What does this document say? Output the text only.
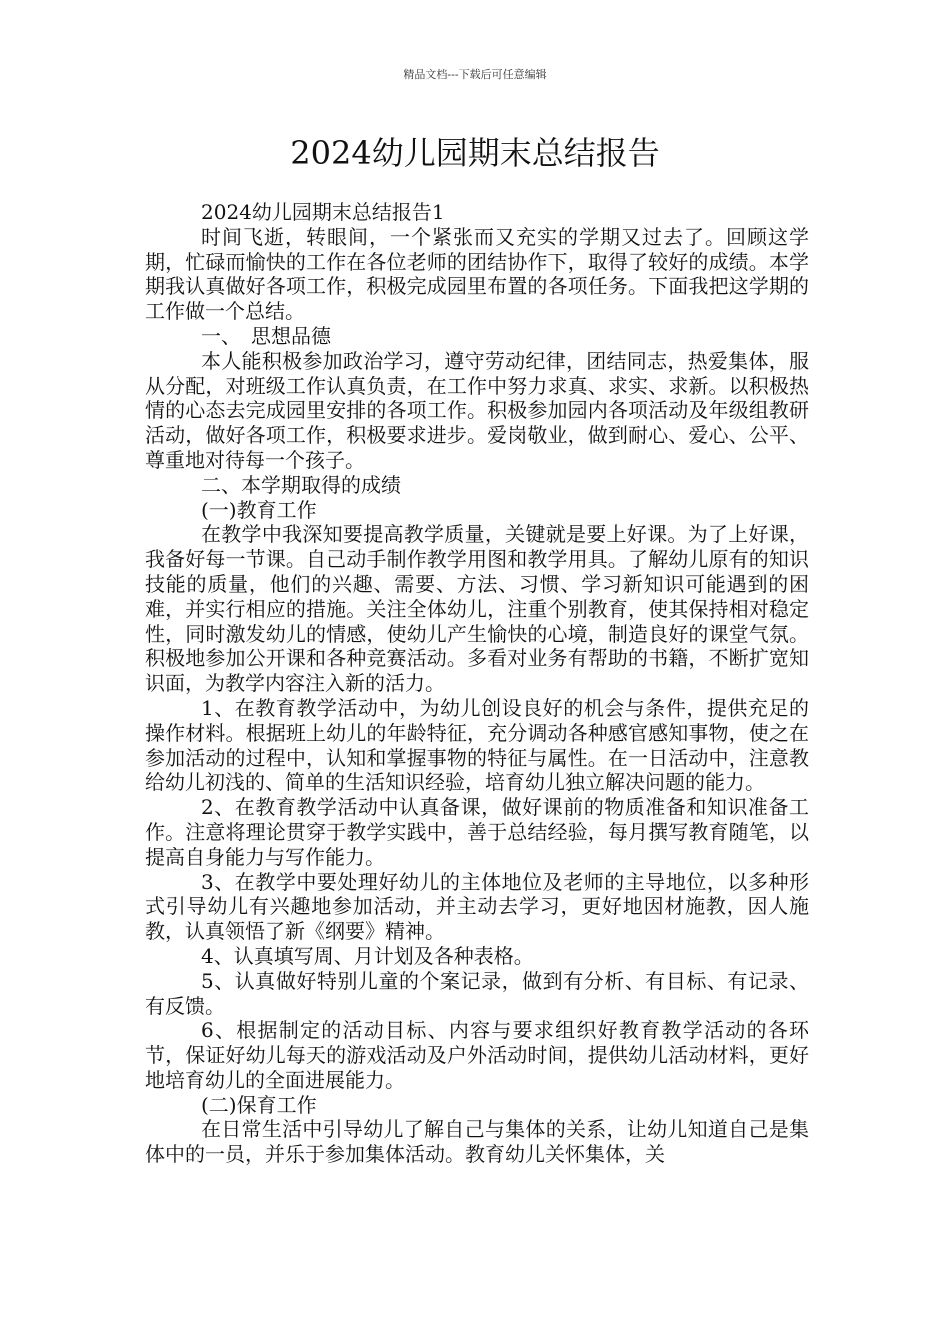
精品文档---下载后可任意编辑
2024幼儿园期末总结报告

2024幼儿园期末总结报告1

时间飞逝，转眼间，一个紧张而又充实的学期又过去了。回顾这学期，忙碌而愉快的工作在各位老师的团结协作下，取得了较好的成绩。本学期我认真做好各项工作，积极完成园里布置的各项任务。下面我把这学期的工作做一个总结。

一、　思想品德

本人能积极参加政治学习，遵守劳动纪律，团结同志，热爱集体，服从分配，对班级工作认真负责，在工作中努力求真、求实、求新。以积极热情的心态去完成园里安排的各项工作。积极参加园内各项活动及年级组教研活动，做好各项工作，积极要求进步。爱岗敬业，做到耐心、爱心、公平、尊重地对待每一个孩子。

二、本学期取得的成绩

(一)教育工作

在教学中我深知要提高教学质量，关键就是要上好课。为了上好课，我备好每一节课。自己动手制作教学用图和教学用具。了解幼儿原有的知识技能的质量，他们的兴趣、需要、方法、习惯、学习新知识可能遇到的困难，并实行相应的措施。关注全体幼儿，注重个别教育，使其保持相对稳定性，同时激发幼儿的情感，使幼儿产生愉快的心境，制造良好的课堂气氛。积极地参加公开课和各种竞赛活动。多看对业务有帮助的书籍，不断扩宽知识面，为教学内容注入新的活力。

1、在教育教学活动中，为幼儿创设良好的机会与条件，提供充足的操作材料。根据班上幼儿的年龄特征，充分调动各种感官感知事物，使之在参加活动的过程中，认知和掌握事物的特征与属性。在一日活动中，注意教给幼儿初浅的、简单的生活知识经验，培育幼儿独立解决问题的能力。

2、在教育教学活动中认真备课，做好课前的物质准备和知识准备工作。注意将理论贯穿于教学实践中，善于总结经验，每月撰写教育随笔，以提高自身能力与写作能力。

3、在教学中要处理好幼儿的主体地位及老师的主导地位，以多种形式引导幼儿有兴趣地参加活动，并主动去学习，更好地因材施教，因人施教，认真领悟了新《纲要》精神。

4、认真填写周、月计划及各种表格。

5、认真做好特别儿童的个案记录，做到有分析、有目标、有记录、有反馈。

6、根据制定的活动目标、内容与要求组织好教育教学活动的各环节，保证好幼儿每天的游戏活动及户外活动时间，提供幼儿活动材料，更好地培育幼儿的全面进展能力。

(二)保育工作

在日常生活中引导幼儿了解自己与集体的关系，让幼儿知道自己是集体中的一员，并乐于参加集体活动。教育幼儿关怀集体，关
